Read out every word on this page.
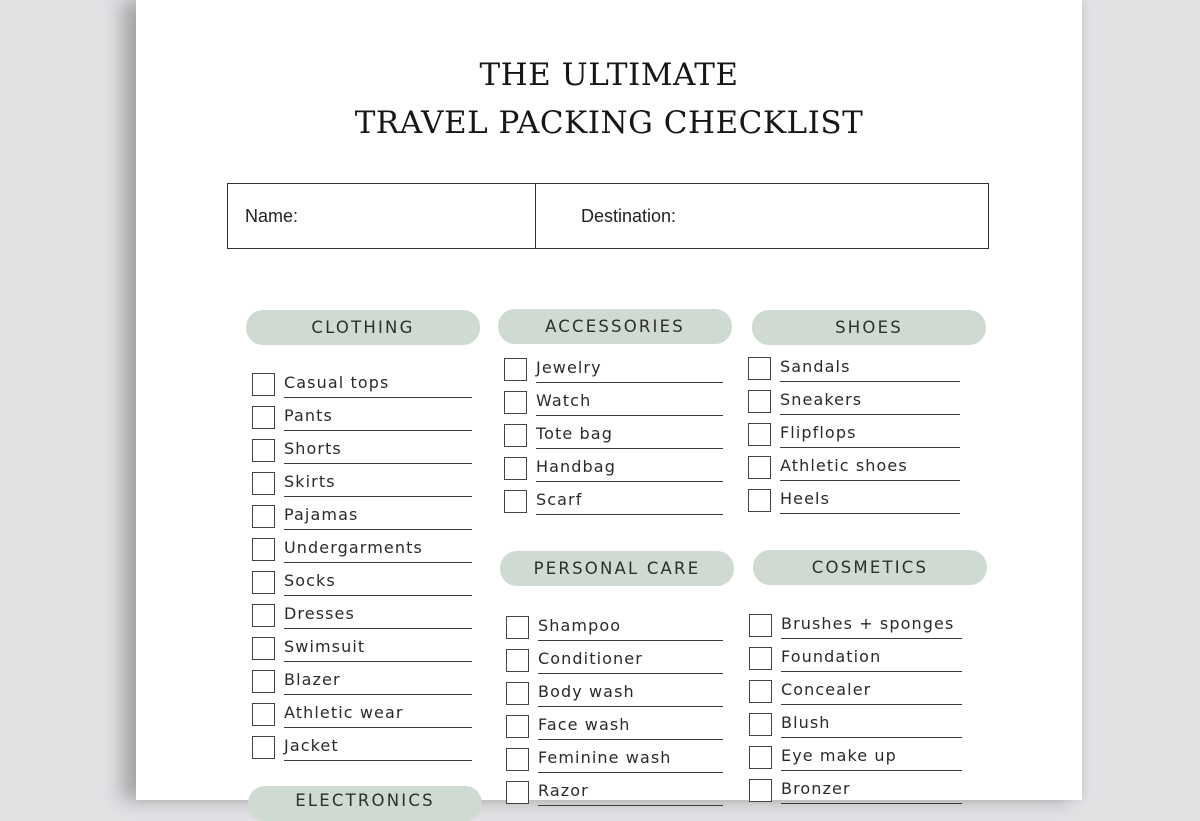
THE ULTIMATE
TRAVEL PACKING CHECKLIST
Name:	Destination:
CLOTHING
Casual tops
Pants
Shorts
Skirts
Pajamas
Undergarments
Socks
Dresses
Swimsuit
Blazer
Athletic wear
Jacket
ELECTRONICS
ACCESSORIES
Jewelry
Watch
Tote bag
Handbag
Scarf
PERSONAL CARE
Shampoo
Conditioner
Body wash
Face wash
Feminine wash
Razor
SHOES
Sandals
Sneakers
Flipflops
Athletic shoes
Heels
COSMETICS
Brushes + sponges
Foundation
Concealer
Blush
Eye make up
Bronzer
